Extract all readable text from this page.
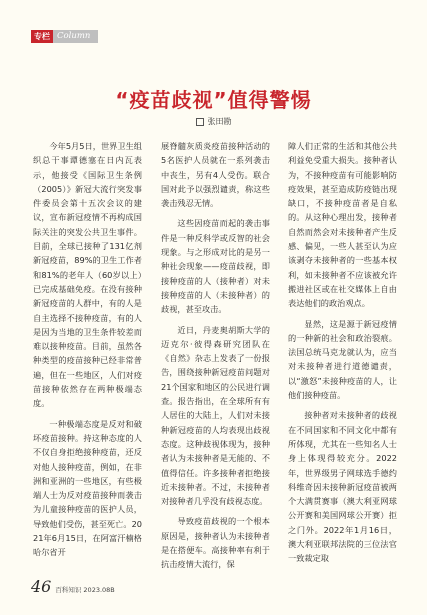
专栏 Column
“疫苗歧视”值得警惕
张田勘

今年5月5日，世界卫生组织总干事谭德塞在日内瓦表示，他接受《国际卫生条例（2005）》新冠大流行突发事件委员会第十五次会议的建议，宣布新冠疫情不再构成国际关注的突发公共卫生事件。目前，全球已接种了131亿剂新冠疫苗，89%的卫生工作者和81%的老年人（60岁以上）已完成基础免疫。在没有接种新冠疫苗的人群中，有的人是自主选择不接种疫苗，有的人是因为当地的卫生条件较差而难以接种疫苗。目前，虽然各种类型的疫苗接种已经非常普遍，但在一些地区，人们对疫苗接种依然存在两种极端态度。

一种极端态度是反对和破坏疫苗接种。持这种态度的人不仅自身拒绝接种疫苗，还反对他人接种疫苗，例如，在非洲和亚洲的一些地区，有些极端人士为反对疫苗接种而袭击为儿童接种疫苗的医护人员，导致他们受伤，甚至死亡。2021年6月15日，在阿富汗楠格哈尔省开

展脊髓灰质炎疫苗接种活动的5名医护人员就在一系列袭击中丧生，另有4人受伤。联合国对此予以强烈谴责，称这些袭击残忍无情。

这些因疫苗而起的袭击事件是一种反科学或反智的社会现象。与之形成对比的是另一种社会现象——疫苗歧视，即接种疫苗的人（接种者）对未接种疫苗的人（未接种者）的歧视，甚至攻击。

近日，丹麦奥胡斯大学的迈克尔·彼得森研究团队在《自然》杂志上发表了一份报告，围绕接种新冠疫苗问题对21个国家和地区的公民进行调查。报告指出，在全球所有有人居住的大陆上，人们对未接种新冠疫苗的人均表现出歧视态度。这种歧视体现为，接种者认为未接种者是无能的、不值得信任。许多接种者拒绝接近未接种者。不过，未接种者对接种者几乎没有歧视态度。

导致疫苗歧视的一个根本原因是，接种者认为未接种者是在搭便车。高接种率有利于抗击疫情大流行，保

障人们正常的生活和其他公共利益免受重大损失。接种者认为，不接种疫苗有可能影响防疫效果，甚至造成防疫链出现缺口，不接种疫苗者是自私的。从这种心理出发，接种者自然而然会对未接种者产生反感、偏见，一些人甚至认为应该剥夺未接种者的一些基本权利，如未接种者不应该被允许搬进社区或在社交媒体上自由表达他们的政治观点。

显然，这是源于新冠疫情的一种新的社会和政治裂痕。法国总统马克龙就认为，应当对未接种者进行道德谴责，以“激怒”未接种疫苗的人，让他们接种疫苗。

接种者对未接种者的歧视在不同国家和不同文化中都有所体现，尤其在一些知名人士身上体现得较充分。2022年，世界级男子网球选手德约科维奇因未接种新冠疫苗被两个大满贯赛事（澳大利亚网球公开赛和美国网球公开赛）拒之门外。2022年1月16日，澳大利亚联邦法院的三位法官一致裁定取

46 百科知识 2023.08B
